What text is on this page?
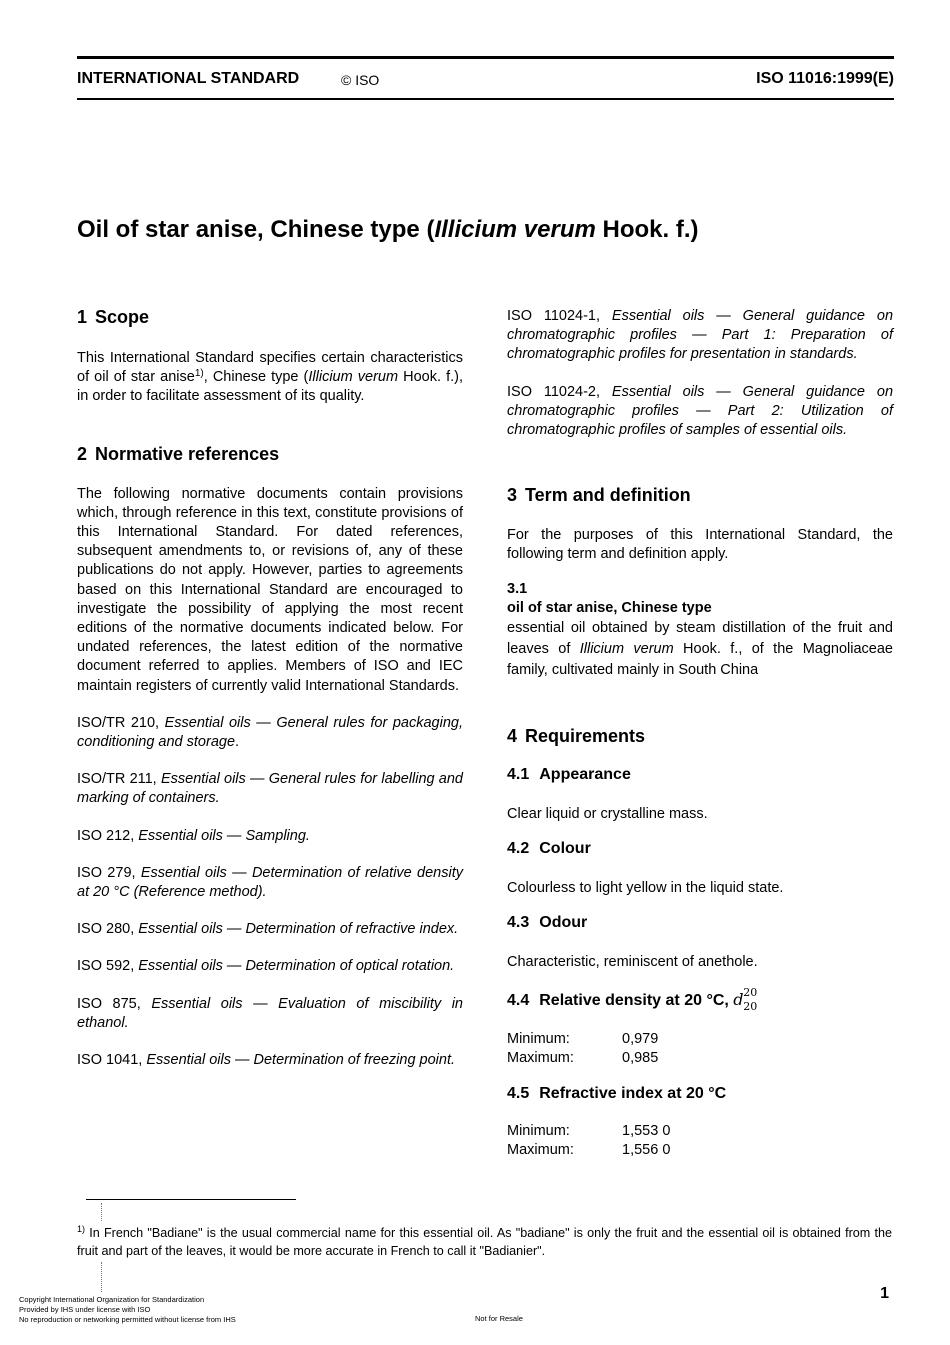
INTERNATIONAL STANDARD	© ISO	ISO 11016:1999(E)
Oil of star anise, Chinese type (Illicium verum Hook. f.)
1 Scope

This International Standard specifies certain characteristics of oil of star anise$^{1)}$, Chinese type (Illicium verum Hook. f.), in order to facilitate assessment of its quality.

2 Normative references

The following normative documents contain provisions which, through reference in this text, constitute provisions of this International Standard. For dated references, subsequent amendments to, or revisions of, any of these publications do not apply. However, parties to agreements based on this International Standard are encouraged to investigate the possibility of applying the most recent editions of the normative documents indicated below. For undated references, the latest edition of the normative document referred to applies. Members of ISO and IEC maintain registers of currently valid International Standards.

ISO/TR 210, Essential oils — General rules for packaging, conditioning and storage.

ISO/TR 211, Essential oils — General rules for labelling and marking of containers.

ISO 212, Essential oils — Sampling.

ISO 279, Essential oils — Determination of relative density at 20 °C (Reference method).

ISO 280, Essential oils — Determination of refractive index.

ISO 592, Essential oils — Determination of optical rotation.

ISO 875, Essential oils — Evaluation of miscibility in ethanol.

ISO 1041, Essential oils — Determination of freezing point.

ISO 11024-1, Essential oils — General guidance on chromatographic profiles — Part 1: Preparation of chromatographic profiles for presentation in standards.

ISO 11024-2, Essential oils — General guidance on chromatographic profiles — Part 2: Utilization of chromatographic profiles of samples of essential oils.

3 Term and definition

For the purposes of this International Standard, the following term and definition apply.

3.1
oil of star anise, Chinese type

essential oil obtained by steam distillation of the fruit and leaves of Illicium verum Hook. f., of the Magnoliaceae family, cultivated mainly in South China

4 Requirements
4.1 Appearance

Clear liquid or crystalline mass.

4.2 Colour

Colourless to light yellow in the liquid state.

4.3 Odour

Characteristic, reminiscent of anethole.

4.4 Relative density at 20 °C, d 20
20
Minimum:	0,979
Maximum:	0,985
4.5 Refractive index at 20 °C
Minimum:	1,553 0
Maximum:	1,556 0
$^{1)}$ In French "Badiane" is the usual commercial name for this essential oil. As "badiane" is only the fruit and the essential oil is obtained from the fruit and part of the leaves, it would be more accurate in French to call it "Badianier".
1
Copyright International Organization for Standardization
Provided by IHS under license with ISO
No reproduction or networking permitted without license from IHS	Not for Resale
